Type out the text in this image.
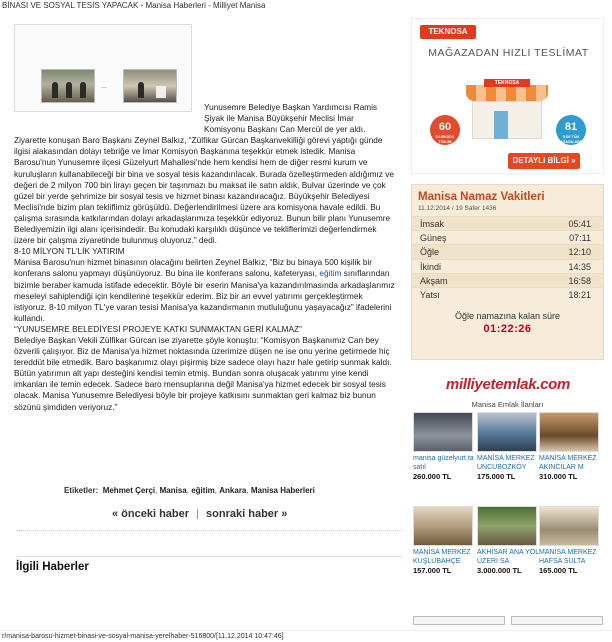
BİNASI VE SOSYAL TESİS YAPACAK - Manisa Haberleri - Milliyet Manisa

Yunusemre Belediye Başkan Yardımcısı Ramis Şiyak ile Manisa Büyükşehir Meclisi İmar Komisyonu Başkanı Can Mercül de yer aldı.

Ziyarette konuşan Baro Başkanı Zeynel Balkız, “Zülfikar Gürcan Başkanvekilliği görevi yaptığı günde ilgisi alakasından dolayı tebriğe ve İmar Komisyon Başkanına teşekkür etmek istedik. Manisa Barosu'nun Yunusemre ilçesi Güzelyurt Mahallesi'nde hem kendisi hem de diğer resmi kurum ve kuruluşların kullanabileceği bir bina ve sosyal tesis kazandırılacak. Burada özelleştirmeden aldığımız ve değeri de 2 milyon 700 bin lirayı geçen bir taşınmazı bu maksat ile satın aldık. Bulvar üzerinde ve çok güzel bir yerde şehrimize bir sosyal tesis ve hizmet binası kazandıracağız. Büyükşehir Belediyesi Meclisi'nde bizim plan tekliflimiz görüşüldü. Değerlendirilmesi üzere ara komisyona havale edildi. Bu çalışma sırasında katkılarından dolayı arkadaşlarımıza teşekkür ediyoruz. Bunun bilir planı Yunusemre Belediyemizin ilgi alanı içerisindedir. Bu konudaki karşılıklı düşünce ve tekliflerimizi değerlendirmek üzere bir çalışma ziyaretinde bulunmuş oluyoruz.” dedi.

8-10 MİLYON TL'LİK YATIRIM

Manisa Barosu'nun hizmet binasının olacağını belirten Zeynel Balkız, “Biz bu binaya 500 kişilik bir konferans salonu yapmayı düşünüyoruz. Bu bina ile konferans salonu, kafeteryası, eğitim sınıflarından bizimle beraber kamuda istifade edecektir. Böyle bir eserin Manisa'ya kazandırılmasında arkadaşlarımız meseleyi sahiplendiği için kendilerine teşekkür ederim. Biz bir an evvel yatırımı gerçekleştirmek istiyoruz. 8-10 milyon TL'ye varan tesisi Manisa'ya kazandırmanın mutluluğunu yaşayacağız” ifadelerini kullandı.

“YUNUSEMRE BELEDİYESİ PROJEYE KATKI SUNMAKTAN GERİ KALMAZ”

Belediye Başkan Vekili Zülfikar Gürcan ise ziyarette şöyle konuştu: “Komisyon Başkanımız Can bey özverili çalışıyor. Biz de Manisa'ya hizmet noktasında üzerimize düşen ne ise onu yerine getirmede hiç tereddüt bile etmedik. Baro başkanımız olayı pişirmiş bize sadece olayı hazır hale getirip sunmak kaldı. Bütün yatırımın alt yapı desteğini kendisi temin etmiş. Bundan sonra oluşacak yatırımı yine kendi imkanları ile temin edecek. Sadece baro mensuplarına değil Manisa'ya hizmet edecek bir sosyal tesis olacak. Manisa Yunusemre Belediyesi böyle bir projeye katkısını sunmaktan geri kalmaz biz bunun sözünü şimdiden veriyoruz.”

Etiketler: Mehmet Çerçi, Manisa, eğitim, Ankara, Manisa Haberleri
« önceki haber sonraki haber »
İlgili Haberler
TEKNOSA
MAĞAZADAN HIZLI TESLİMAT
TEKNOSA
60
DAKİKADA TESLİM
81
İLDE TÜM MAĞAZALARDA
DETAYLI BİLGİ »
Manisa Namaz Vakitleri
11.12.2014 / 19 Safer 1436
İmsak	05:41
Güneş	07:11
Öğle	12:10
İkindi	14:35
Akşam	16:58
Yatsı	18:21
Öğle namazına kalan süre
01:22:26
milliyetemlak.com
Manisa Emlak İlanları
manisa güzelyurt ta satıl
260.000 TL
MANİSA MERKEZ UNCUBOZKÖY
175.000 TL
MANİSA MERKEZ AKINCILAR M
310.000 TL
MANİSA MERKEZ KUŞLUBAHÇE
157.000 TL
AKHİSAR ANA YOL ÜZERİ SA
3.000.000 TL
MANİSA MERKEZ HAFSA SULTA
165.000 TL
r/manisa-barosu-hizmet-binasi-ve-sosyal-manisa-yerelhaber-516800/[11.12.2014 10:47:46]
